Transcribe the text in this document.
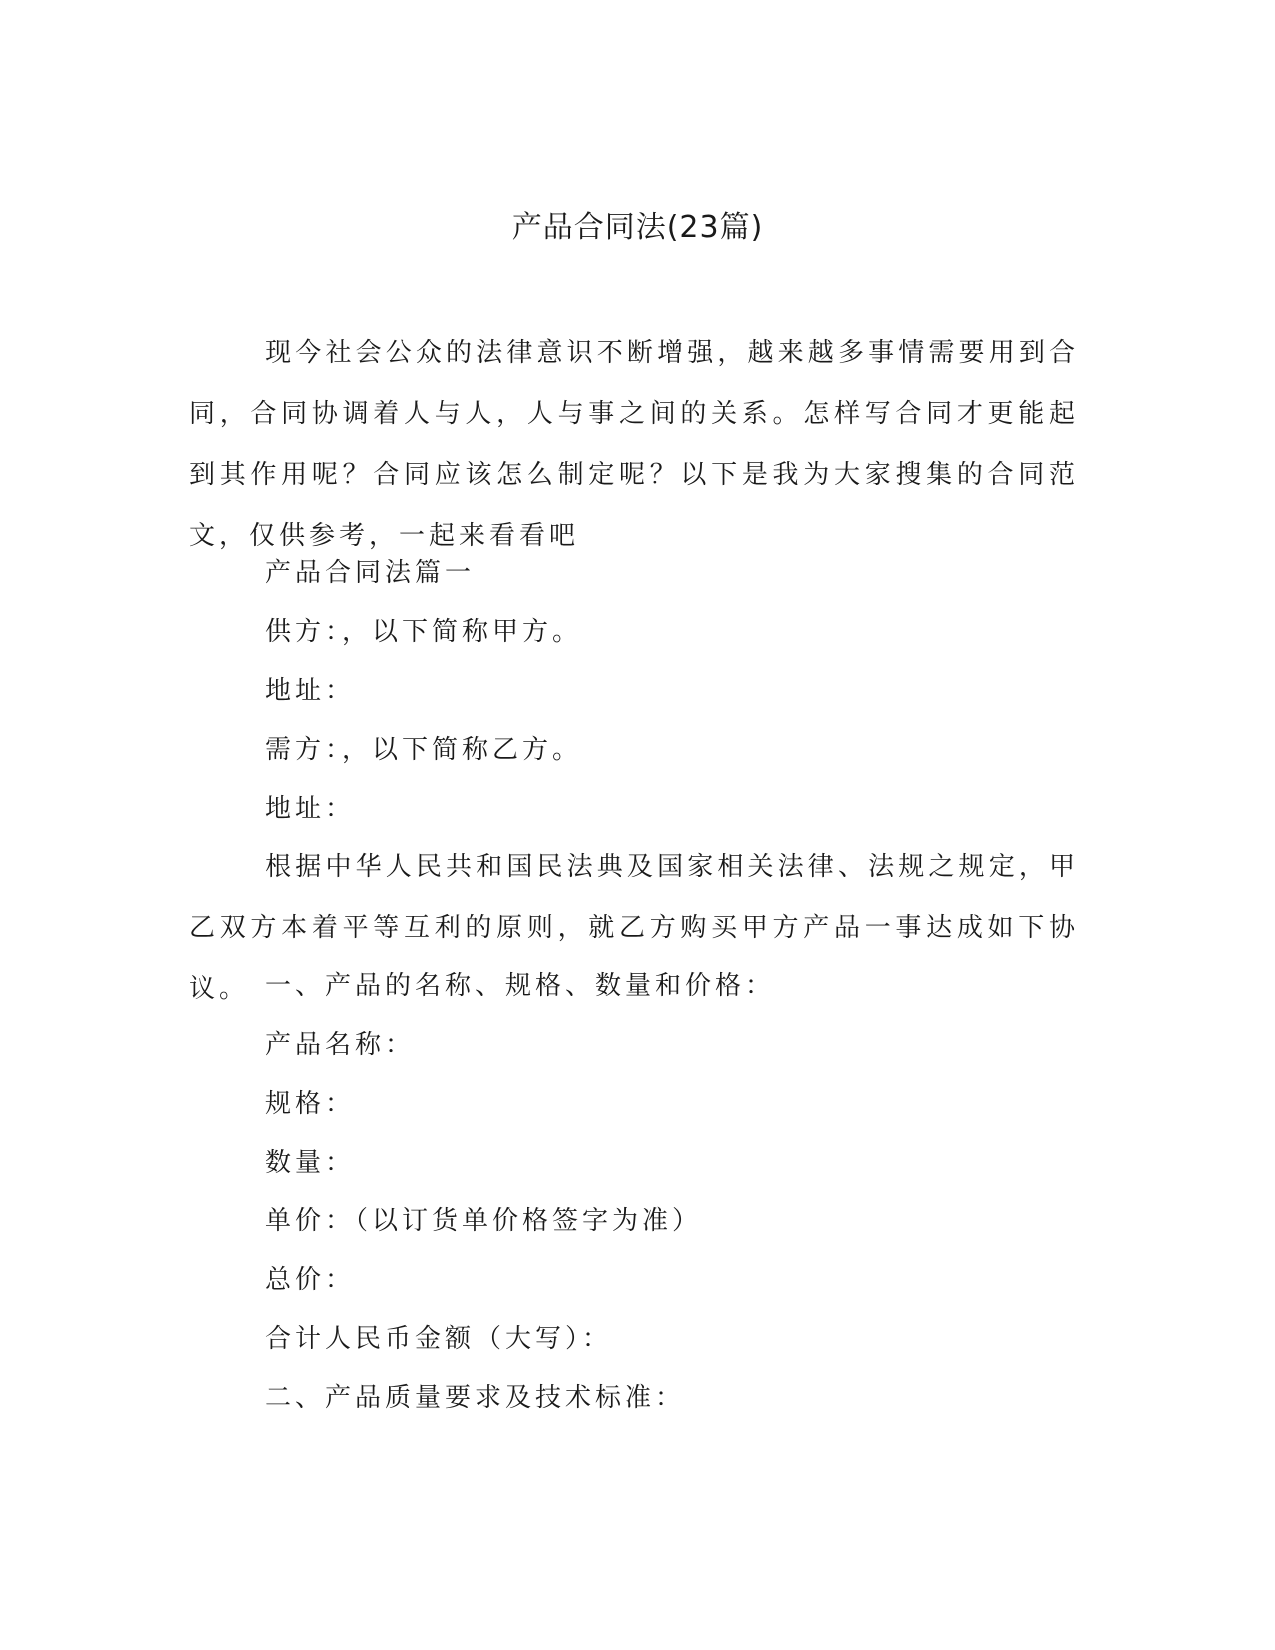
产品合同法(23篇)
现今社会公众的法律意识不断增强，越来越多事情需要用到合同，合同协调着人与人，人与事之间的关系。怎样写合同才更能起到其作用呢？合同应该怎么制定呢？以下是我为大家搜集的合同范文，仅供参考，一起来看看吧
产品合同法篇一
供方：，以下简称甲方。
地址：
需方：，以下简称乙方。
地址：
根据中华人民共和国民法典及国家相关法律、法规之规定，甲乙双方本着平等互利的原则，就乙方购买甲方产品一事达成如下协议。 一、产品的名称、规格、数量和价格：
产品名称：
规格：
数量：
单价：（以订货单价格签字为准）
总价：
合计人民币金额（大写）：
二、产品质量要求及技术标准：
